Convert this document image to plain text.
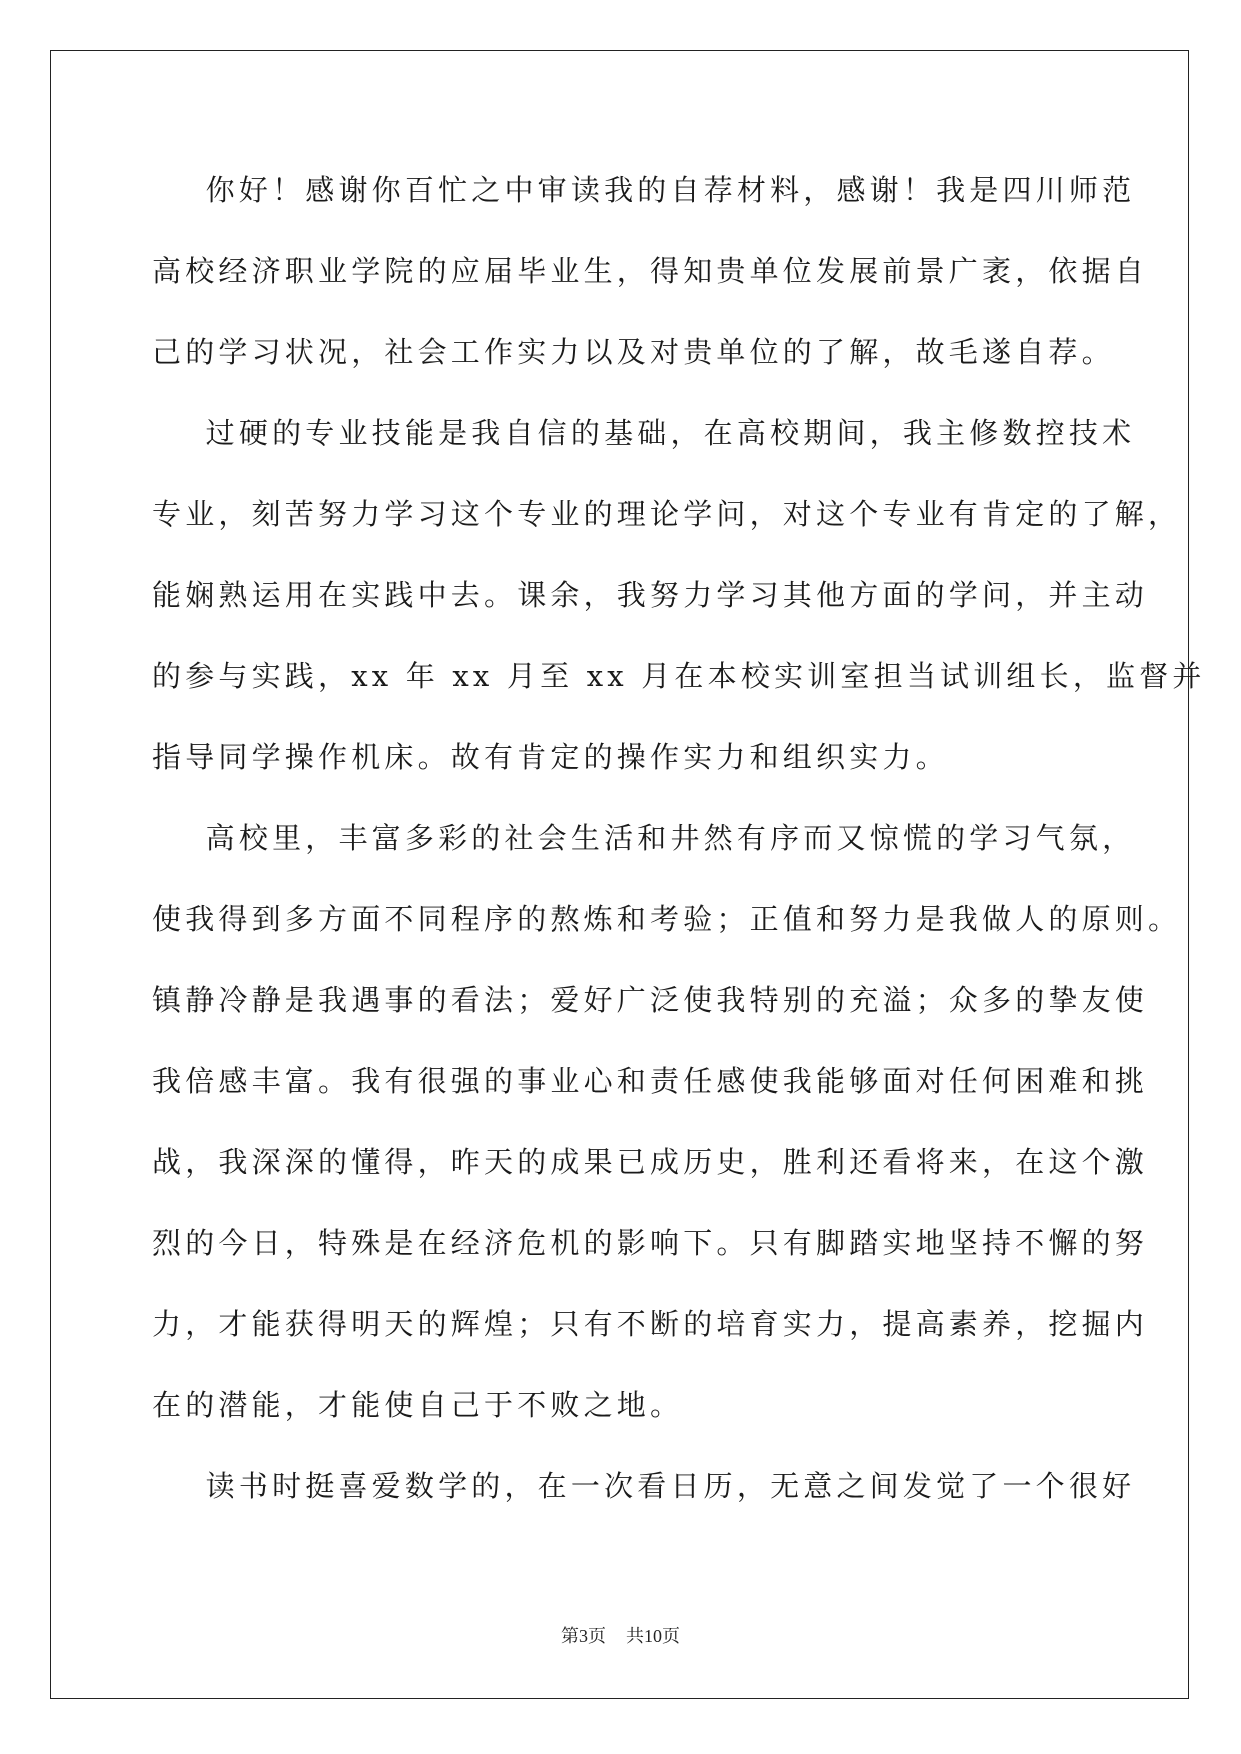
你好！感谢你百忙之中审读我的自荐材料，感谢！我是四川师范
高校经济职业学院的应届毕业生，得知贵单位发展前景广袤，依据自
己的学习状况，社会工作实力以及对贵单位的了解，故毛遂自荐。
过硬的专业技能是我自信的基础，在高校期间，我主修数控技术
专业，刻苦努力学习这个专业的理论学问，对这个专业有肯定的了解，
能娴熟运用在实践中去。课余，我努力学习其他方面的学问，并主动
的参与实践，xx 年 xx 月至 xx 月在本校实训室担当试训组长，监督并
指导同学操作机床。故有肯定的操作实力和组织实力。
高校里，丰富多彩的社会生活和井然有序而又惊慌的学习气氛，
使我得到多方面不同程序的熬炼和考验；正值和努力是我做人的原则。
镇静冷静是我遇事的看法；爱好广泛使我特别的充溢；众多的挚友使
我倍感丰富。我有很强的事业心和责任感使我能够面对任何困难和挑
战，我深深的懂得，昨天的成果已成历史，胜利还看将来，在这个激
烈的今日，特殊是在经济危机的影响下。只有脚踏实地坚持不懈的努
力，才能获得明天的辉煌；只有不断的培育实力，提高素养，挖掘内
在的潜能，才能使自己于不败之地。
读书时挺喜爱数学的，在一次看日历，无意之间发觉了一个很好
第3页 共10页
